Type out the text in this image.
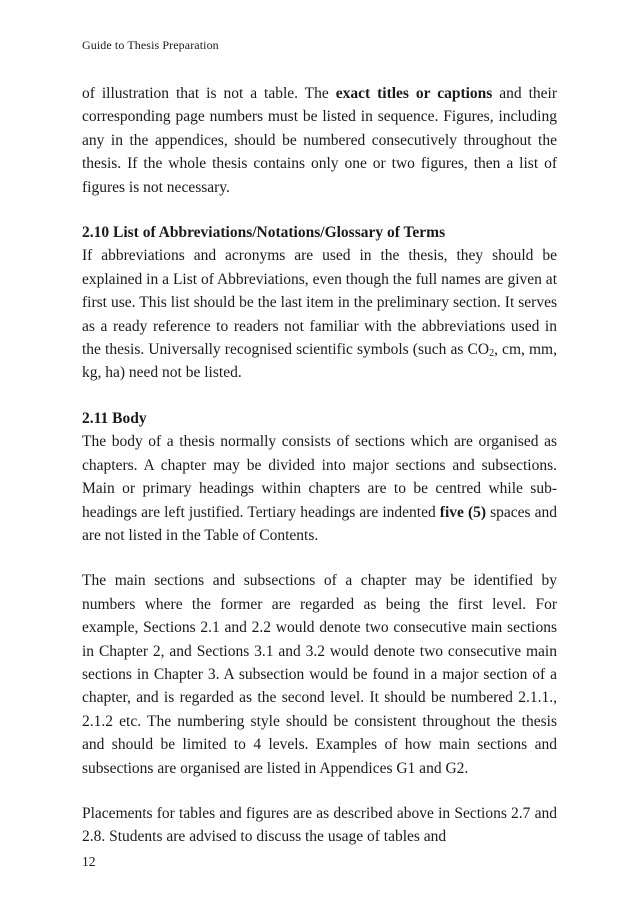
Guide to Thesis Preparation

of illustration that is not a table. The exact titles or captions and their corresponding page numbers must be listed in sequence. Figures, including any in the appendices, should be numbered consecutively throughout the thesis. If the whole thesis contains only one or two figures, then a list of figures is not necessary.

2.10 List of Abbreviations/Notations/Glossary of Terms

If abbreviations and acronyms are used in the thesis, they should be explained in a List of Abbreviations, even though the full names are given at first use. This list should be the last item in the preliminary section. It serves as a ready reference to readers not familiar with the abbreviations used in the thesis. Universally recognised scientific symbols (such as $CO_2$, cm, mm, kg, ha) need not be listed.

2.11 Body

The body of a thesis normally consists of sections which are organised as chapters. A chapter may be divided into major sections and subsections. Main or primary headings within chapters are to be centred while sub-headings are left justified. Tertiary headings are indented five (5) spaces and are not listed in the Table of Contents.

The main sections and subsections of a chapter may be identified by numbers where the former are regarded as being the first level. For example, Sections 2.1 and 2.2 would denote two consecutive main sections in Chapter 2, and Sections 3.1 and 3.2 would denote two consecutive main sections in Chapter 3. A subsection would be found in a major section of a chapter, and is regarded as the second level. It should be numbered 2.1.1., 2.1.2 etc. The numbering style should be consistent throughout the thesis and should be limited to 4 levels. Examples of how main sections and subsections are organised are listed in Appendices G1 and G2.

Placements for tables and figures are as described above in Sections 2.7 and 2.8. Students are advised to discuss the usage of tables and

12
